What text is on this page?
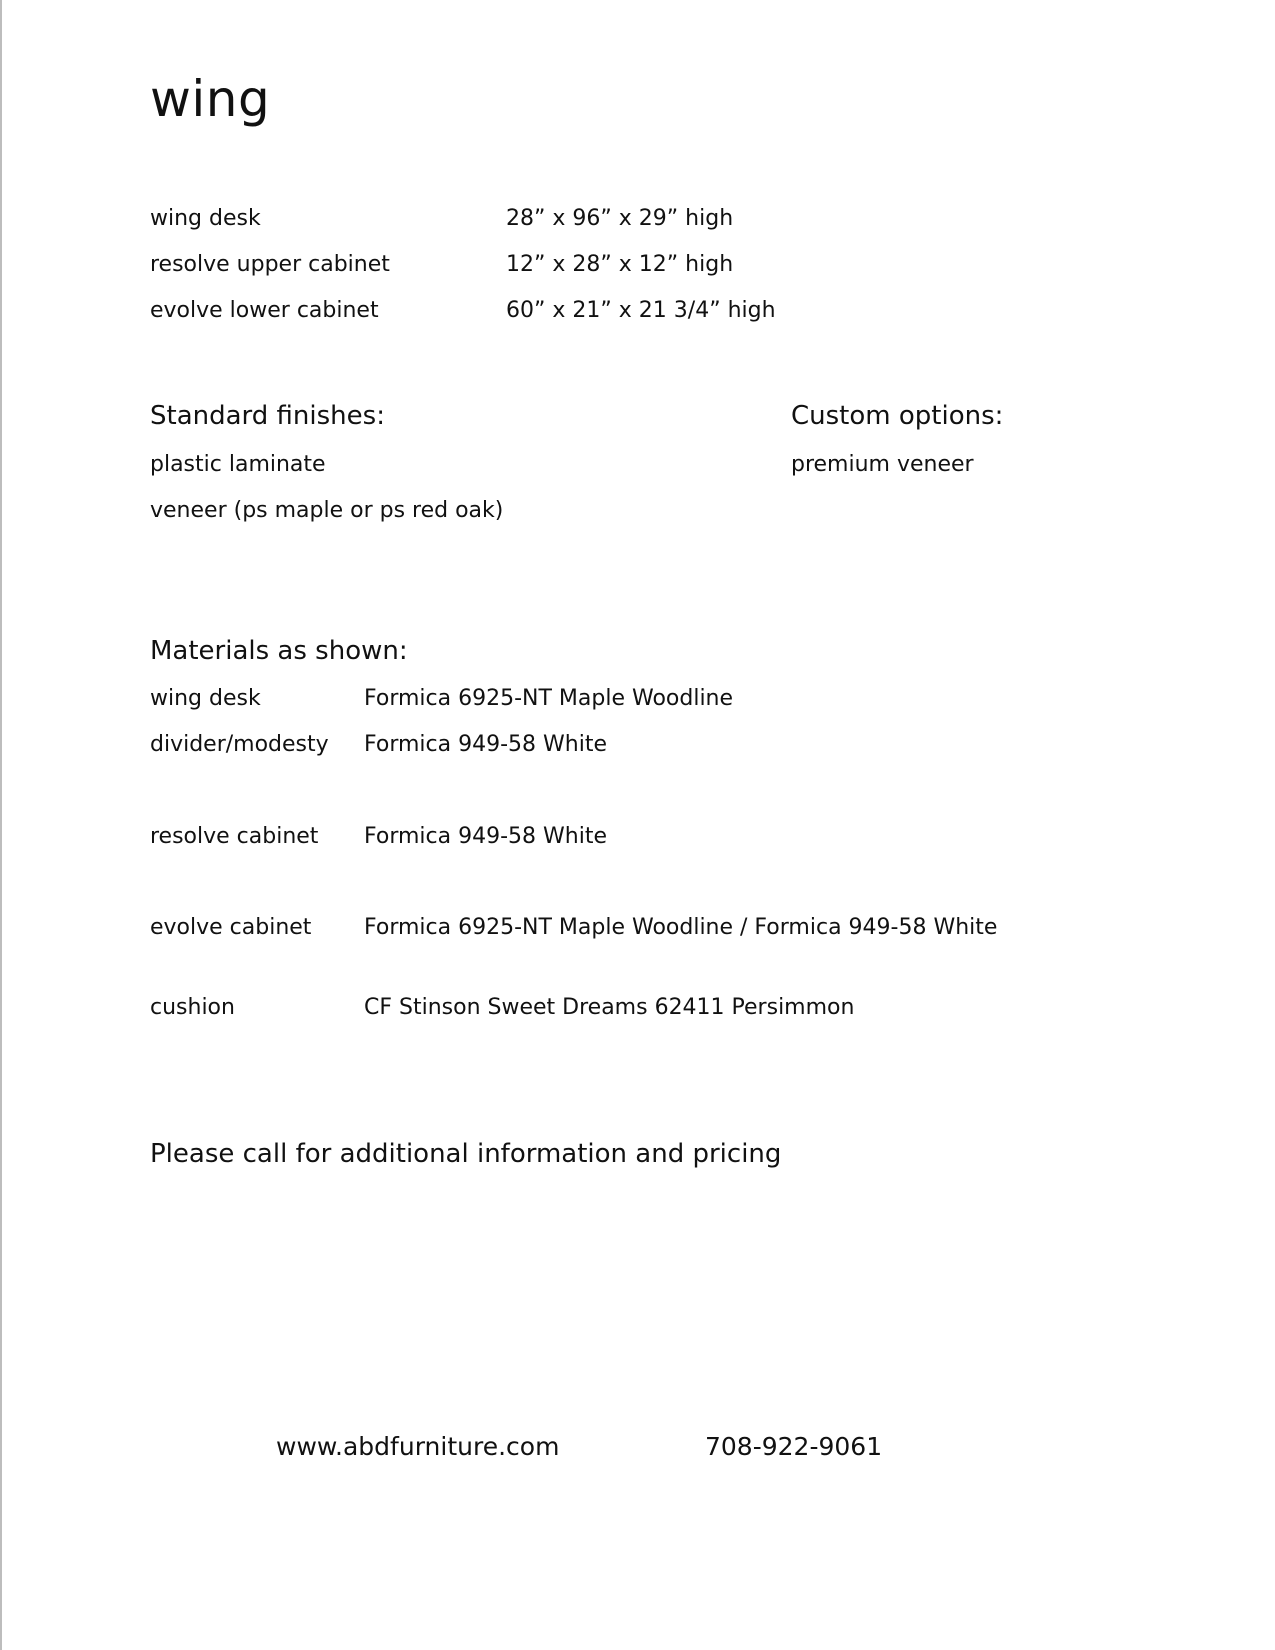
wing
wing desk	28” x 96” x 29” high
resolve upper cabinet	12” x 28” x 12” high
evolve lower cabinet	60” x 21” x 21 3/4” high
Standard finishes:
plastic laminate
veneer (ps maple or ps red oak)
Custom options:
premium veneer
Materials as shown:
wing desk	Formica 6925-NT Maple Woodline
divider/modesty Formica 949-58 White
resolve cabinet Formica 949-58 White
evolve cabinet Formica 6925-NT Maple Woodline / Formica 949-58 White
cushion	CF Stinson Sweet Dreams 62411 Persimmon
Please call for additional information and pricing
www.abdfurniture.com	708-922-9061
